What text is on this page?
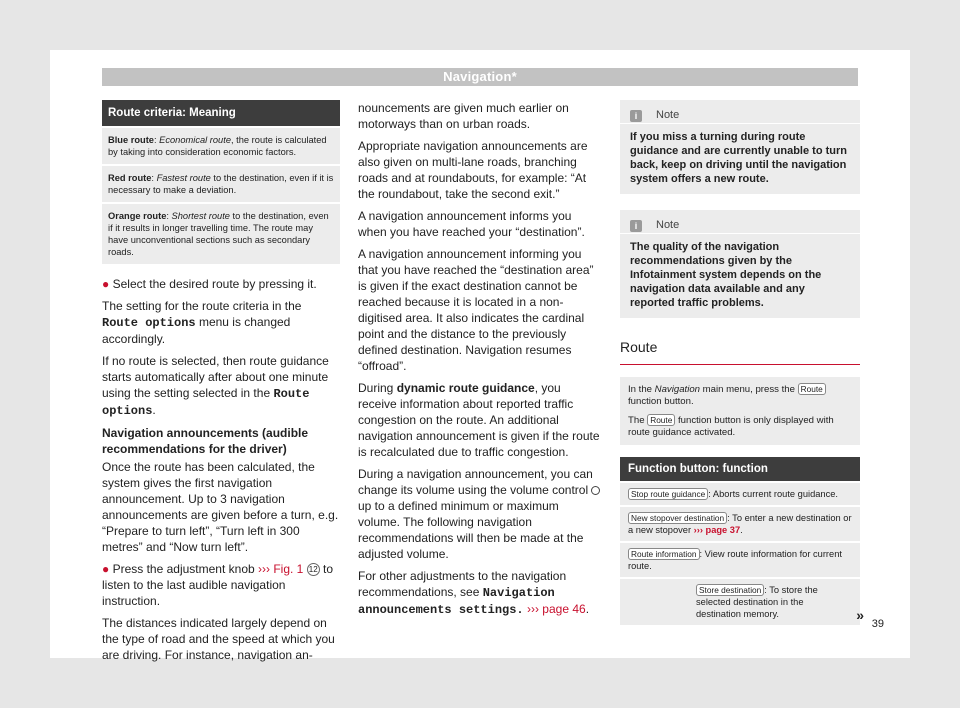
Navigation*
Route criteria: Meaning
Blue route: Economical route, the route is calculated by taking into consideration economic factors.
Red route: Fastest route to the destination, even if it is necessary to make a deviation.
Orange route: Shortest route to the destination, even if it results in longer travelling time. The route may have unconventional sections such as secondary roads.

● Select the desired route by pressing it.

The setting for the route criteria in the Route options menu is changed accordingly.

If no route is selected, then route guidance starts automatically after about one minute using the setting selected in the Route options.

Navigation announcements (audible recommendations for the driver)

Once the route has been calculated, the system gives the first navigation announcement. Up to 3 navigation announcements are given before a turn, e.g. “Prepare to turn left”, “Turn left in 300 metres” and “Now turn left”.

● Press the adjustment knob ››› Fig. 1 12 to listen to the last audible navigation instruction.

The distances indicated largely depend on the type of road and the speed at which you are driving. For instance, navigation an-

nouncements are given much earlier on motorways than on urban roads.

Appropriate navigation announcements are also given on multi-lane roads, branching roads and at roundabouts, for example: “At the roundabout, take the second exit.”

A navigation announcement informs you when you have reached your “destination”.

A navigation announcement informing you that you have reached the “destination area” is given if the exact destination cannot be reached because it is located in a non-digitised area. It also indicates the cardinal point and the distance to the previously defined destination. Navigation resumes “offroad”.

During dynamic route guidance, you receive information about reported traffic congestion on the route. An additional navigation announcement is given if the route is recalculated due to traffic congestion.

During a navigation announcement, you can change its volume using the volume control  up to a defined minimum or maximum volume. The following navigation recommendations will then be made at the adjusted volume.

For other adjustments to the navigation recommendations, see Navigation announcements settings. ››› page 46.

i Note
If you miss a turning during route guidance and are currently unable to turn back, keep on driving until the navigation system offers a new route.
i Note
The quality of the navigation recommendations given by the Infotainment system depends on the navigation data available and any reported traffic problems.
Route

In the Navigation main menu, press the Route function button.

The Route function button is only displayed with route guidance activated.

Function button: function
Stop route guidance : Aborts current route guidance.
New stopover destination : To enter a new destination or a new stopover ››› page 37.
Route information : View route information for current route.
Store destination : To store the selected destination in the destination memory.	»
39
